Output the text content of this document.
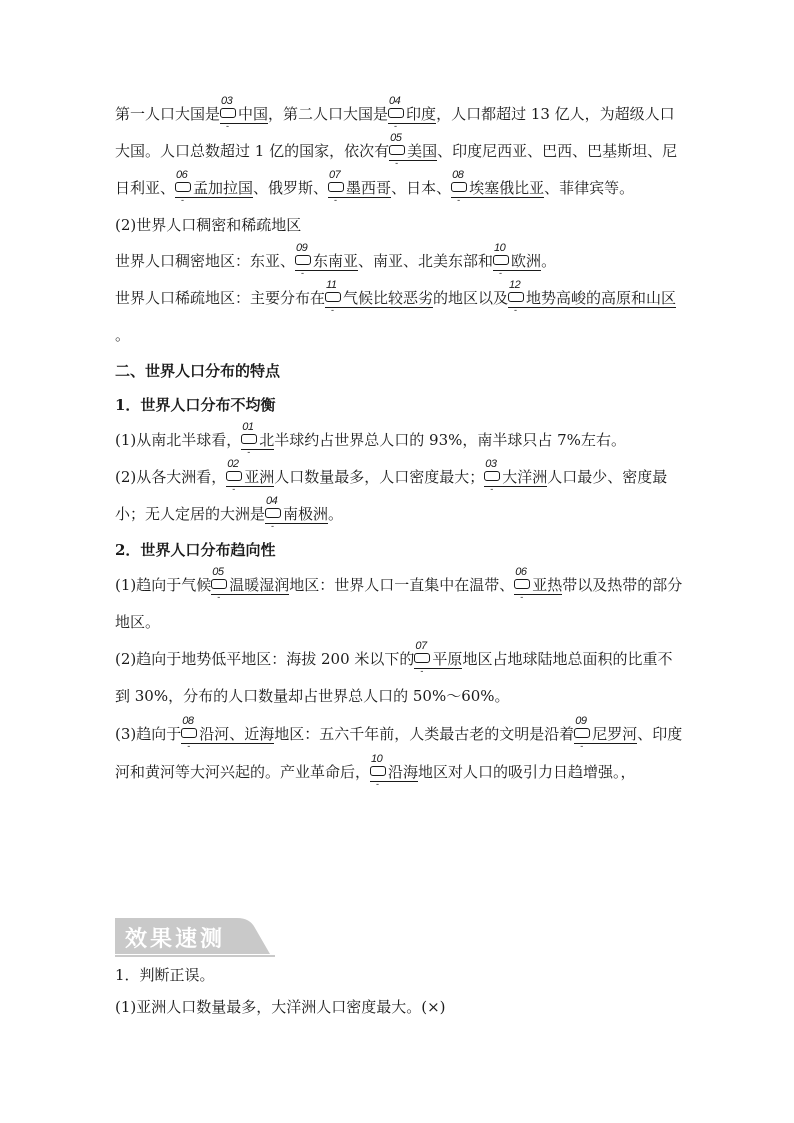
第一人口大国是
03
-
中国，第二人口大国是
04
-
印度，人口都超过 13 亿人，为超级人口大国。人口总数超过 1 亿的国家，依次有
05
-
美国、印度尼西亚、巴西、巴基斯坦、尼日利亚、
06
-
孟加拉国、俄罗斯、
07
-
墨西哥、日本、
08
-
埃塞俄比亚、菲律宾等。

(2)世界人口稠密和稀疏地区

世界人口稠密地区：东亚、
09
-
东南亚、南亚、北美东部和
10
-
欧洲。

世界人口稀疏地区：主要分布在
11
-
气候比较恶劣的地区以及
12
-
地势高峻的高原和山区。

二、世界人口分布的特点

1．世界人口分布不均衡

(1)从南北半球看，
01
-
北半球约占世界总人口的 93%，南半球只占 7%左右。

(2)从各大洲看，
02
-
亚洲人口数量最多，人口密度最大；
03
-
大洋洲人口最少、密度最小；无人定居的大洲是
04
-
南极洲。

2．世界人口分布趋向性

(1)趋向于气候
05
-
温暖湿润地区：世界人口一直集中在温带、
06
-
亚热带以及热带的部分地区。

(2)趋向于地势低平地区：海拔 200 米以下的
07
-
平原地区占地球陆地总面积的比重不到 30%，分布的人口数量却占世界总人口的 50%～60%。

(3)趋向于
08
-
沿河、近海地区：五六千年前，人类最古老的文明是沿着
09
-
尼罗河、印度河和黄河等大河兴起的。产业革命后，
10
-
沿海地区对人口的吸引力日趋增强。，

效果速测

1．判断正误。

(1)亚洲人口数量最多，大洋洲人口密度最大。(×)
